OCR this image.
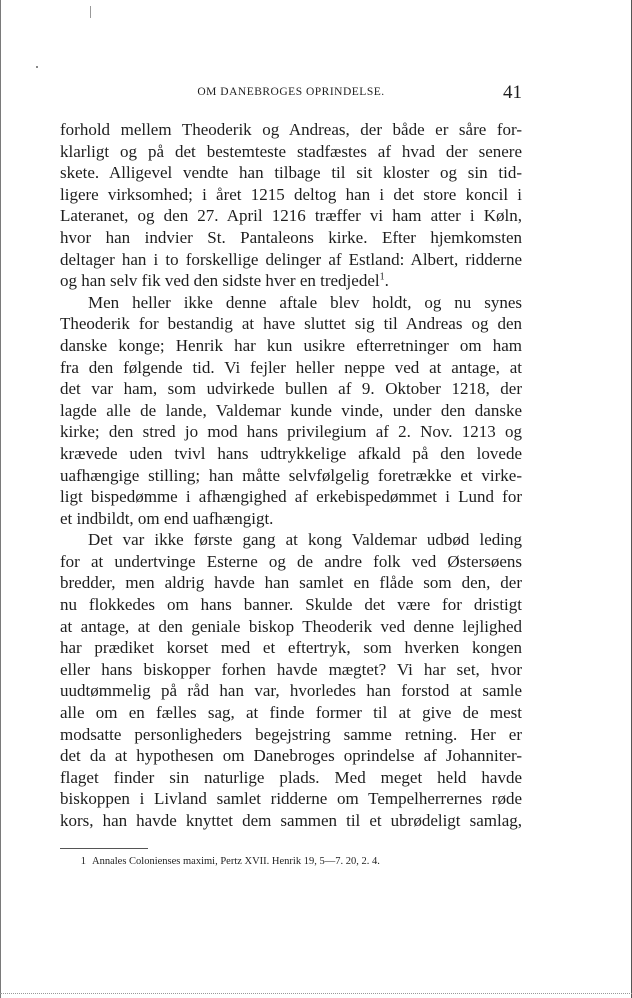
OM DANEBROGES OPRINDELSE.	41
forhold mellem Theoderik og Andreas, der både er såre for-
klarligt og på det bestemteste stadfæstes af hvad der senere
skete. Alligevel vendte han tilbage til sit kloster og sin tid-
ligere virksomhed; i året 1215 deltog han i det store koncil i
Lateranet, og den 27. April 1216 træffer vi ham atter i Køln,
hvor han indvier St. Pantaleons kirke. Efter hjemkomsten
deltager han i to forskellige delinger af Estland: Albert, ridderne
og han selv fik ved den sidste hver en tredjedel$^1$.
Men heller ikke denne aftale blev holdt, og nu synes
Theoderik for bestandig at have sluttet sig til Andreas og den
danske konge; Henrik har kun usikre efterretninger om ham
fra den følgende tid. Vi fejler heller neppe ved at antage, at
det var ham, som udvirkede bullen af 9. Oktober 1218, der
lagde alle de lande, Valdemar kunde vinde, under den danske
kirke; den stred jo mod hans privilegium af 2. Nov. 1213 og
krævede uden tvivl hans udtrykkelige afkald på den lovede
uafhængige stilling; han måtte selvfølgelig foretrække et virke-
ligt bispedømme i afhængighed af erkebispedømmet i Lund for
et indbildt, om end uafhængigt.
Det var ikke første gang at kong Valdemar udbød leding
for at undertvinge Esterne og de andre folk ved Østersøens
bredder, men aldrig havde han samlet en flåde som den, der
nu flokkedes om hans banner. Skulde det være for dristigt
at antage, at den geniale biskop Theoderik ved denne lejlighed
har prædiket korset med et eftertryk, som hverken kongen
eller hans biskopper forhen havde mægtet? Vi har set, hvor
uudtømmelig på råd han var, hvorledes han forstod at samle
alle om en fælles sag, at finde former til at give de mest
modsatte personligheders begejstring samme retning. Her er
det da at hypothesen om Danebroges oprindelse af Johanniter-
flaget finder sin naturlige plads. Med meget held havde
biskoppen i Livland samlet ridderne om Tempelherrernes røde
kors, han havde knyttet dem sammen til et ubrødeligt samlag,
1 Annales Colonienses maximi, Pertz XVII. Henrik 19, 5—7. 20, 2. 4.
